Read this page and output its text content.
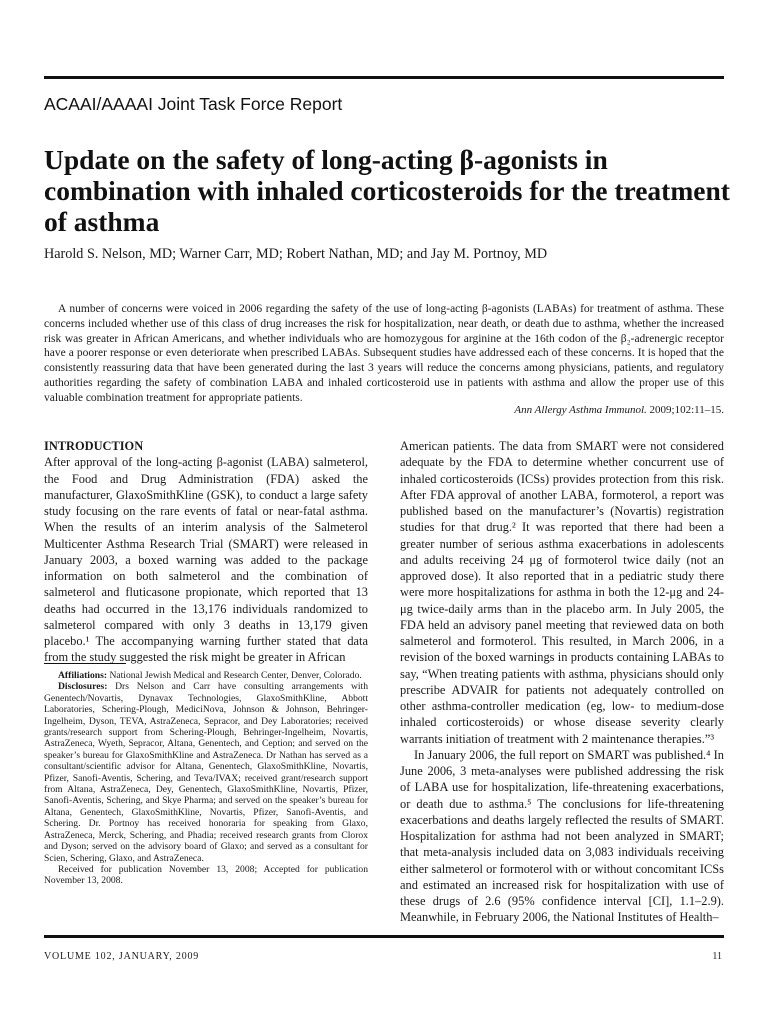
ACAAI/AAAAI Joint Task Force Report
Update on the safety of long-acting β-agonists in combination with inhaled corticosteroids for the treatment of asthma
Harold S. Nelson, MD; Warner Carr, MD; Robert Nathan, MD; and Jay M. Portnoy, MD

A number of concerns were voiced in 2006 regarding the safety of the use of long-acting β-agonists (LABAs) for treatment of asthma. These concerns included whether use of this class of drug increases the risk for hospitalization, near death, or death due to asthma, whether the increased risk was greater in African Americans, and whether individuals who are homozygous for arginine at the 16th codon of the β₂-adrenergic receptor have a poorer response or even deteriorate when prescribed LABAs. Subsequent studies have addressed each of these concerns. It is hoped that the consistently reassuring data that have been generated during the last 3 years will reduce the concerns among physicians, patients, and regulatory authorities regarding the safety of combination LABA and inhaled corticosteroid use in patients with asthma and allow the proper use of this valuable combination treatment for appropriate patients.

Ann Allergy Asthma Immunol. 2009;102:11–15.

INTRODUCTION

After approval of the long-acting β-agonist (LABA) salmeterol, the Food and Drug Administration (FDA) asked the manufacturer, GlaxoSmithKline (GSK), to conduct a large safety study focusing on the rare events of fatal or near-fatal asthma. When the results of an interim analysis of the Salmeterol Multicenter Asthma Research Trial (SMART) were released in January 2003, a boxed warning was added to the package information on both salmeterol and the combination of salmeterol and fluticasone propionate, which reported that 13 deaths had occurred in the 13,176 individuals randomized to salmeterol compared with only 3 deaths in 13,179 given placebo.¹ The accompanying warning further stated that data from the study suggested the risk might be greater in African

Affiliations: National Jewish Medical and Research Center, Denver, Colorado.

Disclosures: Drs Nelson and Carr have consulting arrangements with Genentech/Novartis, Dynavax Technologies, GlaxoSmithKline, Abbott Laboratories, Schering-Plough, MediciNova, Johnson & Johnson, Behringer-Ingelheim, Dyson, TEVA, AstraZeneca, Sepracor, and Dey Laboratories; received grants/research support from Schering-Plough, Behringer-Ingelheim, Novartis, AstraZeneca, Wyeth, Sepracor, Altana, Genentech, and Ception; and served on the speaker’s bureau for GlaxoSmithKline and AstraZeneca. Dr Nathan has served as a consultant/scientific advisor for Altana, Genentech, GlaxoSmithKline, Novartis, Pfizer, Sanofi-Aventis, Schering, and Teva/IVAX; received grant/research support from Altana, AstraZeneca, Dey, Genentech, GlaxoSmithKline, Novartis, Pfizer, Sanofi-Aventis, Schering, and Skye Pharma; and served on the speaker’s bureau for Altana, Genentech, GlaxoSmithKline, Novartis, Pfizer, Sanofi-Aventis, and Schering. Dr. Portnoy has received honoraria for speaking from Glaxo, AstraZeneca, Merck, Schering, and Phadia; received research grants from Clorox and Dyson; served on the advisory board of Glaxo; and served as a consultant for Scien, Schering, Glaxo, and AstraZeneca.

Received for publication November 13, 2008; Accepted for publication November 13, 2008.

American patients. The data from SMART were not considered adequate by the FDA to determine whether concurrent use of inhaled corticosteroids (ICSs) provides protection from this risk. After FDA approval of another LABA, formoterol, a report was published based on the manufacturer’s (Novartis) registration studies for that drug.² It was reported that there had been a greater number of serious asthma exacerbations in adolescents and adults receiving 24 μg of formoterol twice daily (not an approved dose). It also reported that in a pediatric study there were more hospitalizations for asthma in both the 12-μg and 24-μg twice-daily arms than in the placebo arm. In July 2005, the FDA held an advisory panel meeting that reviewed data on both salmeterol and formoterol. This resulted, in March 2006, in a revision of the boxed warnings in products containing LABAs to say, “When treating patients with asthma, physicians should only prescribe ADVAIR for patients not adequately controlled on other asthma-controller medication (eg, low- to medium-dose inhaled corticosteroids) or whose disease severity clearly warrants initiation of treatment with 2 maintenance therapies.”³

In January 2006, the full report on SMART was published.⁴ In June 2006, 3 meta-analyses were published addressing the risk of LABA use for hospitalization, life-threatening exacerbations, or death due to asthma.⁵ The conclusions for life-threatening exacerbations and deaths largely reflected the results of SMART. Hospitalization for asthma had not been analyzed in SMART; that meta-analysis included data on 3,083 individuals receiving either salmeterol or formoterol with or without concomitant ICSs and estimated an increased risk for hospitalization with use of these drugs of 2.6 (95% confidence interval [CI], 1.1–2.9). Meanwhile, in February 2006, the National Institutes of Health–

VOLUME 102, JANUARY, 2009	11
